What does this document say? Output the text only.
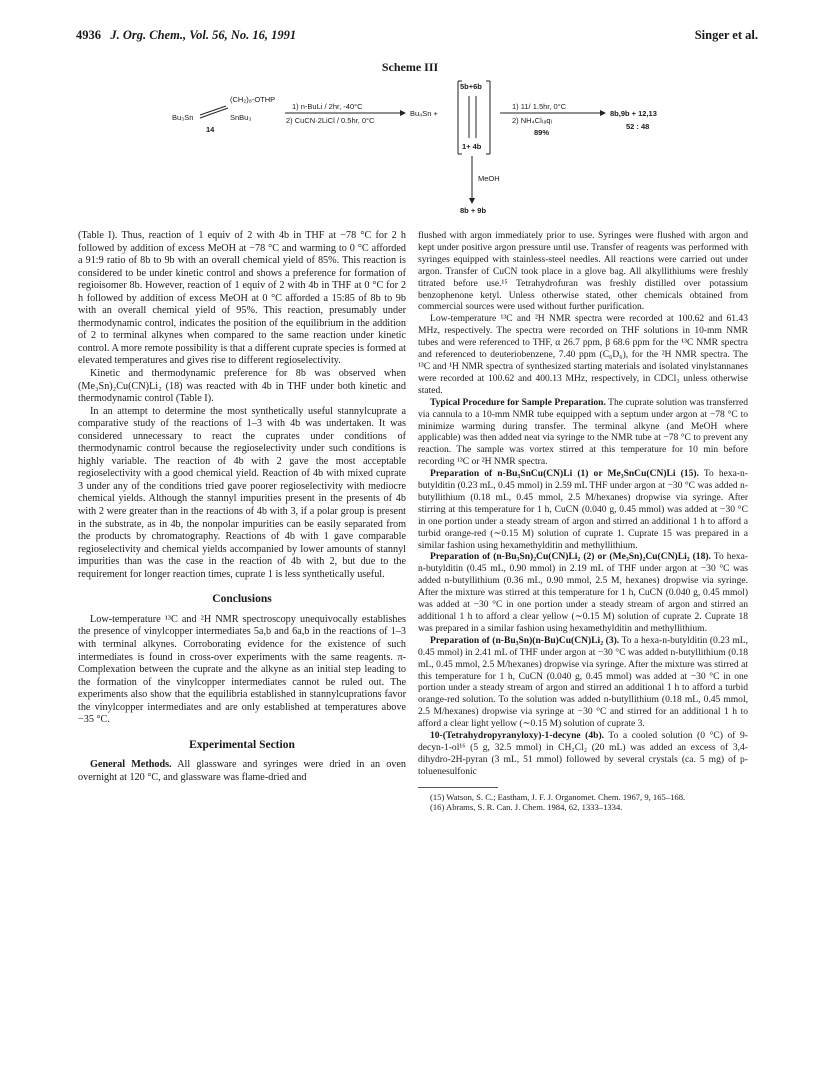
4936 J. Org. Chem., Vol. 56, No. 16, 1991	Singer et al.
Scheme III
(CH₂)₈-OTHP
Bu₃Sn	SnBu₃
14
1) n-BuLi / 2hr, -40°C
2) CuCN·2LiCl / 0.5hr, 0°C
Bu₄Sn +
5b+6b
1+ 4b
1) 11/ 1.5hr, 0°C
2) NH₄Cl₍ₐq₎
89%
8b,9b + 12,13
52 : 48
MeOH
8b + 9b

(Table I). Thus, reaction of 1 equiv of 2 with 4b in THF at −78 °C for 2 h followed by addition of excess MeOH at −78 °C and warming to 0 °C afforded a 91:9 ratio of 8b to 9b with an overall chemical yield of 85%. This reaction is considered to be under kinetic control and shows a preference for formation of regioisomer 8b. However, reaction of 1 equiv of 2 with 4b in THF at 0 °C for 2 h followed by addition of excess MeOH at 0 °C afforded a 15:85 of 8b to 9b with an overall chemical yield of 95%. This reaction, presumably under thermodynamic control, indicates the position of the equilibrium in the addition of 2 to terminal alkynes when compared to the same reaction under kinetic control. A more remote possibility is that a different cuprate species is formed at elevated temperatures and gives rise to different regioselectivity.

Kinetic and thermodynamic preference for 8b was observed when (Me₃Sn)₂Cu(CN)Li₂ (18) was reacted with 4b in THF under both kinetic and thermodynamic control (Table I).

In an attempt to determine the most synthetically useful stannylcuprate a comparative study of the reactions of 1–3 with 4b was undertaken. It was considered unnecessary to react the cuprates under conditions of thermodynamic control because the regioselectivity under such conditions is highly variable. The reaction of 4b with 2 gave the most acceptable regioselectivity with a good chemical yield. Reaction of 4b with mixed cuprate 3 under any of the conditions tried gave poorer regioselectivity with mediocre chemical yields. Although the stannyl impurities present in the presents of 4b with 2 were greater than in the reactions of 4b with 3, if a polar group is present in the substrate, as in 4b, the nonpolar impurities can be easily separated from the products by chromatography. Reactions of 4b with 1 gave comparable regioselectivity and chemical yields accompanied by lower amounts of stannyl impurities than was the case in the reaction of 4b with 2, but due to the requirement for longer reaction times, cuprate 1 is less synthetically useful.

Conclusions

Low-temperature ¹³C and ²H NMR spectroscopy unequivocally establishes the presence of vinylcopper intermediates 5a,b and 6a,b in the reactions of 1–3 with terminal alkynes. Corroborating evidence for the existence of such intermediates is found in cross-over experiments with the same reagents. π-Complexation between the cuprate and the alkyne as an initial step leading to the formation of the vinylcopper intermediates cannot be ruled out. The experiments also show that the equilibria established in stannylcuprations favor the vinylcopper intermediates and are only established at temperatures above −35 °C.

Experimental Section

General Methods. All glassware and syringes were dried in an oven overnight at 120 °C, and glassware was flame-dried and

flushed with argon immediately prior to use. Syringes were flushed with argon and kept under positive argon pressure until use. Transfer of reagents was performed with syringes equipped with stainless-steel needles. All reactions were carried out under argon. Transfer of CuCN took place in a glove bag. All alkyllithiums were freshly titrated before use.¹⁵ Tetrahydrofuran was freshly distilled over potassium benzophenone ketyl. Unless otherwise stated, other chemicals obtained from commercial sources were used without further purification.

Low-temperature ¹³C and ²H NMR spectra were recorded at 100.62 and 61.43 MHz, respectively. The spectra were recorded on THF solutions in 10-mm NMR tubes and were referenced to THF, α 26.7 ppm, β 68.6 ppm for the ¹³C NMR spectra and referenced to deuteriobenzene, 7.40 ppm (C₆D₆), for the ²H NMR spectra. The ¹³C and ¹H NMR spectra of synthesized starting materials and isolated vinylstannanes were recorded at 100.62 and 400.13 MHz, respectively, in CDCl₃ unless otherwise stated.

Typical Procedure for Sample Preparation. The cuprate solution was transferred via cannula to a 10-mm NMR tube equipped with a septum under argon at −78 °C to minimize warming during transfer. The terminal alkyne (and MeOH where applicable) was then added neat via syringe to the NMR tube at −78 °C to prevent any reaction. The sample was vortex stirred at this temperature for 10 min before recording ¹³C or ²H NMR spectra.

Preparation of n-Bu₃SnCu(CN)Li (1) or Me₃SnCu(CN)Li (15). To hexa-n-butylditin (0.23 mL, 0.45 mmol) in 2.59 mL THF under argon at −30 °C was added n-butyllithium (0.18 mL, 0.45 mmol, 2.5 M/hexanes) dropwise via syringe. After stirring at this temperature for 1 h, CuCN (0.040 g, 0.45 mmol) was added at −30 °C in one portion under a steady stream of argon and stirred an additional 1 h to afford a turbid orange-red (∼0.15 M) solution of cuprate 1. Cuprate 15 was prepared in a similar fashion using hexamethylditin and methyllithium.

Preparation of (n-Bu₃Sn)₂Cu(CN)Li₂ (2) or (Me₃Sn)₂Cu(CN)Li₂ (18). To hexa-n-butylditin (0.45 mL, 0.90 mmol) in 2.19 mL of THF under argon at −30 °C was added n-butyllithium (0.36 mL, 0.90 mmol, 2.5 M, hexanes) dropwise via syringe. After the mixture was stirred at this temperature for 1 h, CuCN (0.040 g, 0.45 mmol) was added at −30 °C in one portion under a steady stream of argon and stirred an additional 1 h to afford a clear yellow (∼0.15 M) solution of cuprate 2. Cuprate 18 was prepared in a similar fashion using hexamethylditin and methyllithium.

Preparation of (n-Bu₃Sn)(n-Bu)Cu(CN)Li₂ (3). To a hexa-n-butylditin (0.23 mL, 0.45 mmol) in 2.41 mL of THF under argon at −30 °C was added n-butyllithium (0.18 mL, 0.45 mmol, 2.5 M/hexanes) dropwise via syringe. After the mixture was stirred at this temperature for 1 h, CuCN (0.040 g, 0.45 mmol) was added at −30 °C in one portion under a steady stream of argon and stirred an additional 1 h to afford a turbid orange-red solution. To the solution was added n-butyllithium (0.18 mL, 0.45 mmol, 2.5 M/hexanes) dropwise via syringe at −30 °C and stirred for an additional 1 h to afford a clear light yellow (∼0.15 M) solution of cuprate 3.

10-(Tetrahydropyranyloxy)-1-decyne (4b). To a cooled solution (0 °C) of 9-decyn-1-ol¹⁶ (5 g, 32.5 mmol) in CH₂Cl₂ (20 mL) was added an excess of 3,4-dihydro-2H-pyran (3 mL, 51 mmol) followed by several crystals (ca. 5 mg) of p-toluenesulfonic

(15) Watson, S. C.; Eastham, J. F. J. Organomet. Chem. 1967, 9, 165–168.

(16) Abrams, S. R. Can. J. Chem. 1984, 62, 1333–1334.
